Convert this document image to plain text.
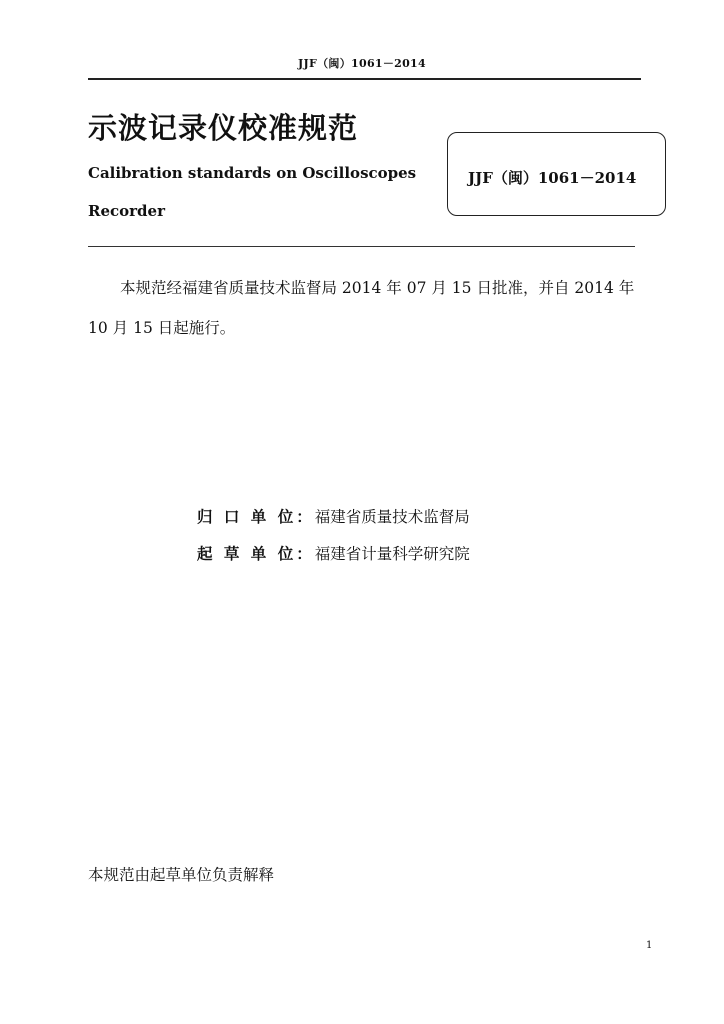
JJF（闽）1061－2014
示波记录仪校准规范
Calibration standards on Oscilloscopes
Recorder
JJF（闽）1061－2014
本规范经福建省质量技术监督局 2014 年 07 月 15 日批准，并自 2014 年
10 月 15 日起施行。
归 口 单 位：福建省质量技术监督局
起 草 单 位：福建省计量科学研究院
本规范由起草单位负责解释
1
